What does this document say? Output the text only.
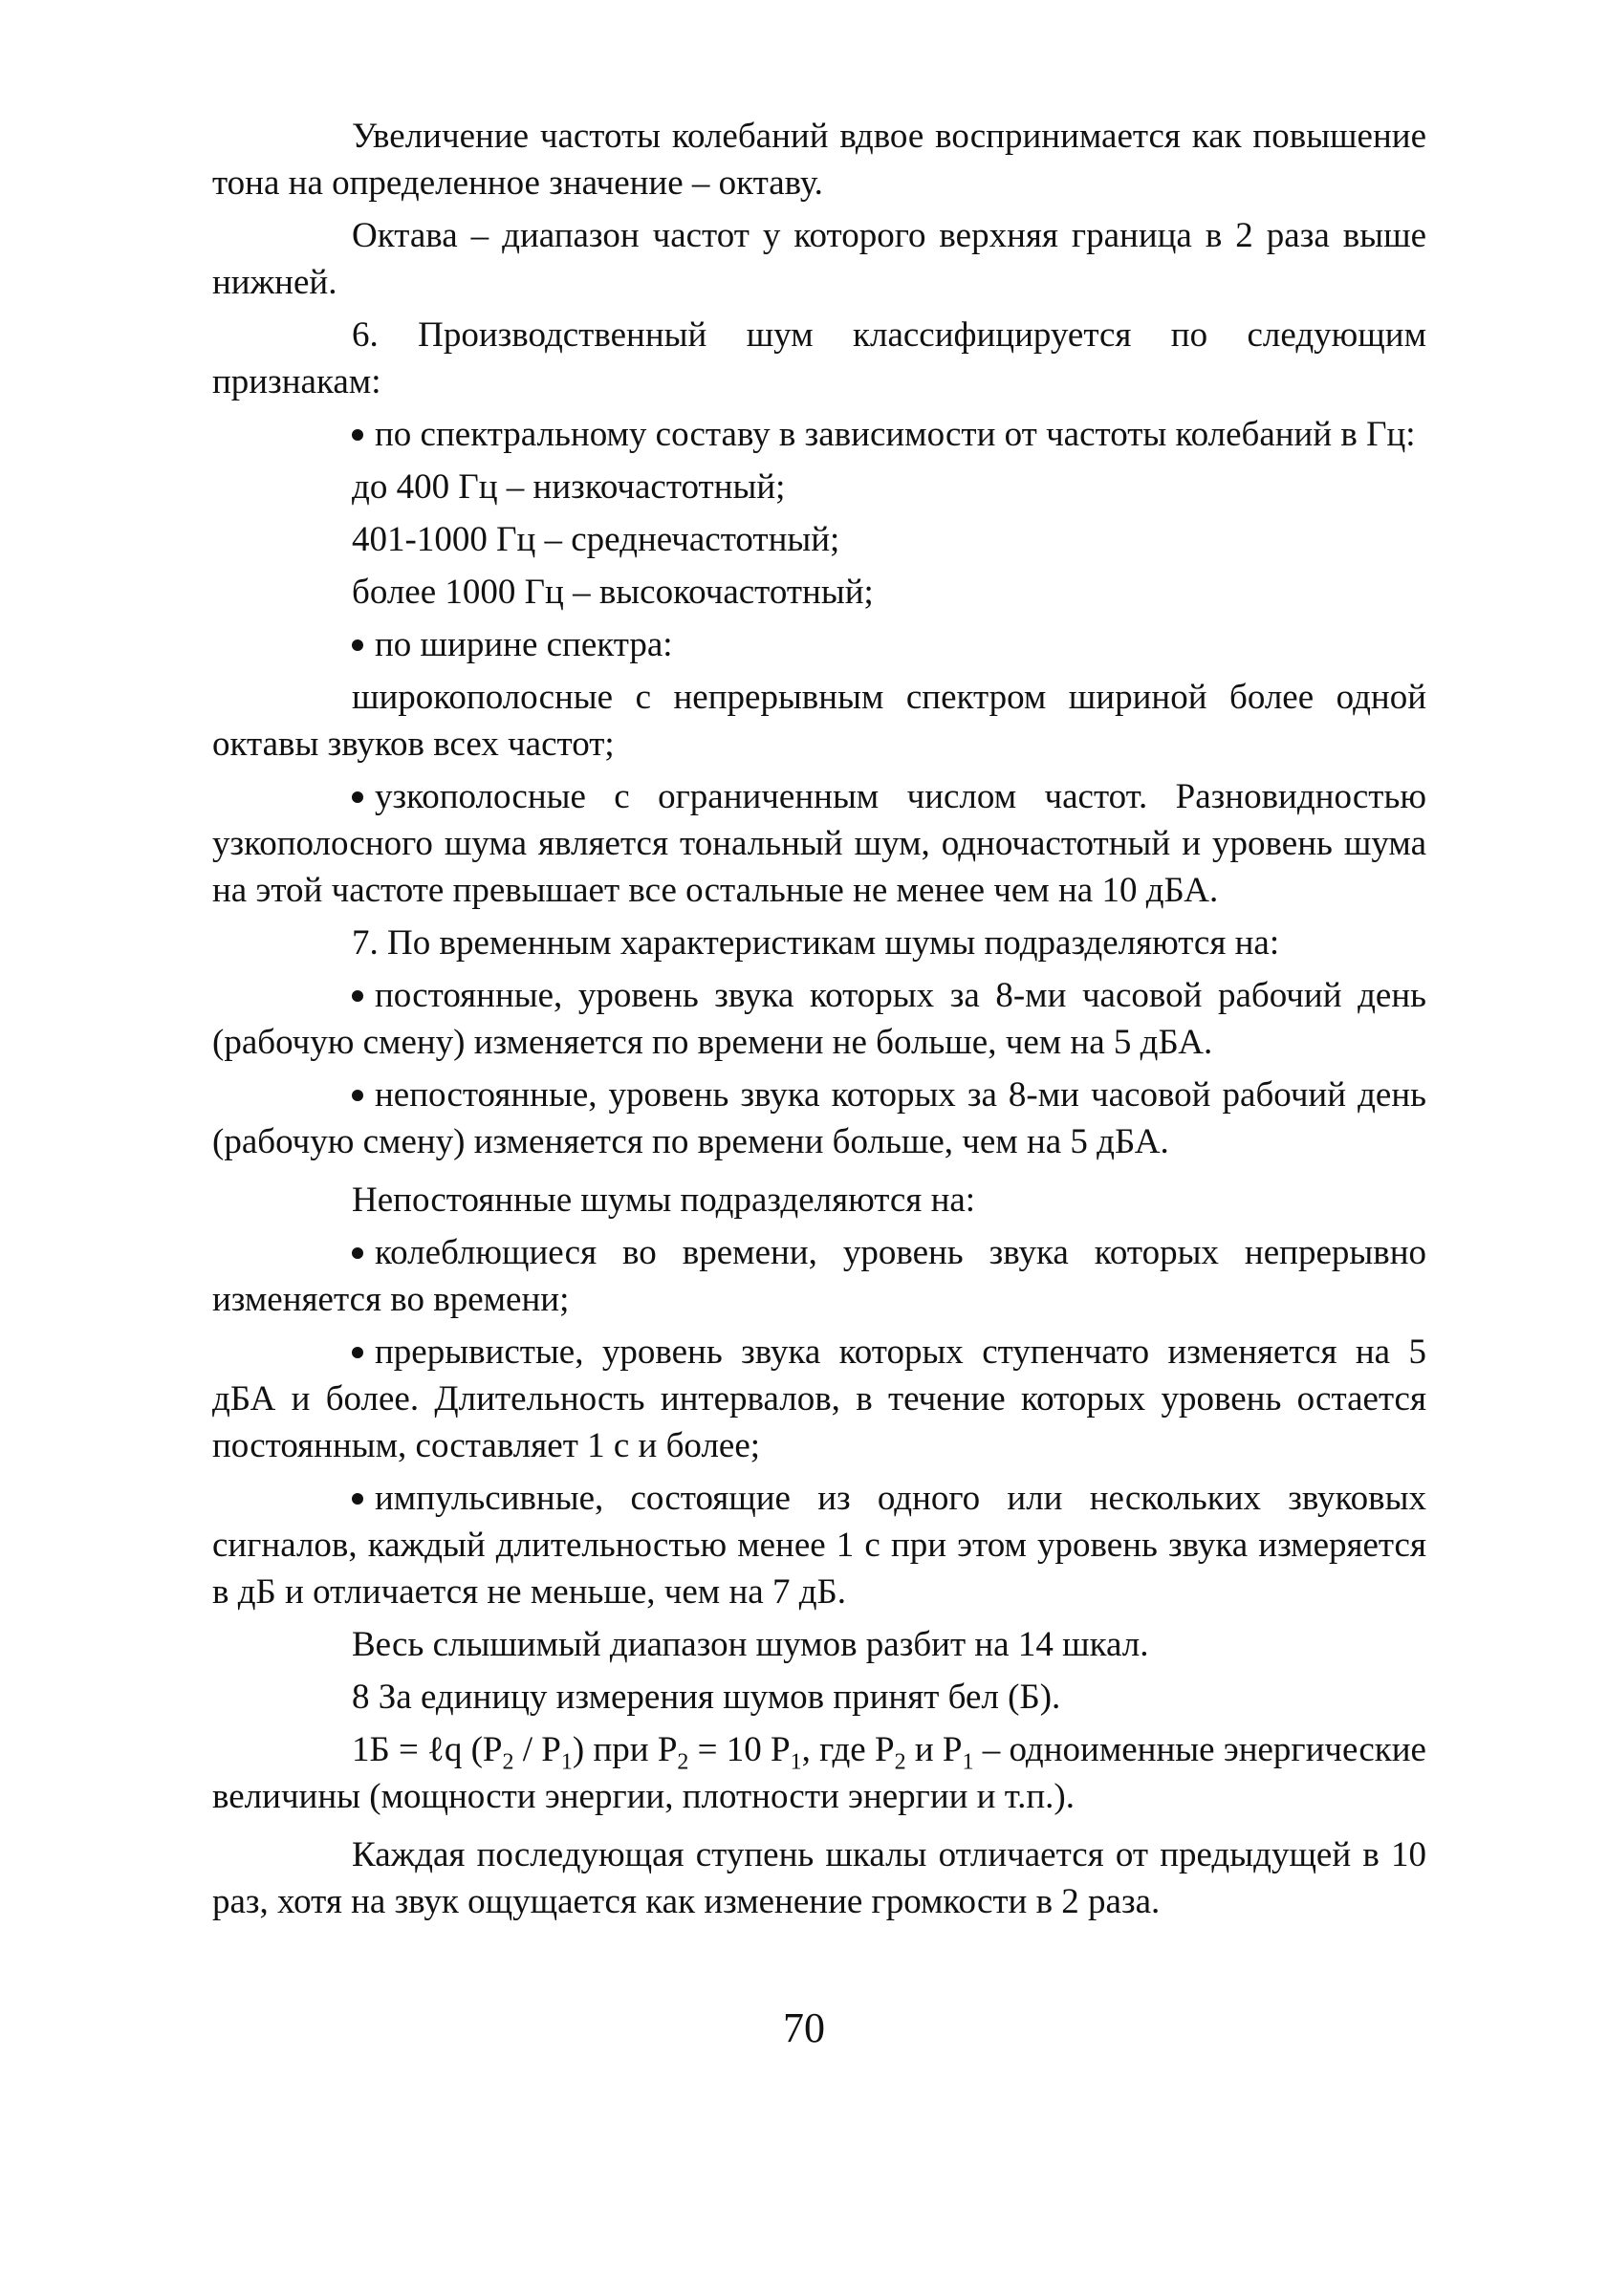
Увеличение частоты колебаний вдвое воспринимается как повышение тона на определенное значение – октаву.

Октава – диапазон частот у которого верхняя граница в 2 раза выше нижней.

6. Производственный шум классифицируется по следующим признакам:

по спектральному составу в зависимости от частоты колебаний в Гц:

до 400 Гц – низкочастотный;

401-1000 Гц – среднечастотный;

более 1000 Гц – высокочастотный;

по ширине спектра:

широкополосные с непрерывным спектром шириной более одной октавы звуков всех частот;

узкополосные с ограниченным числом частот. Разновидностью узкополосного шума является тональный шум, одночастотный и уровень шума на этой частоте превышает все остальные не менее чем на 10 дБА.

7. По временным характеристикам шумы подразделяются на:

постоянные, уровень звука которых за 8-ми часовой рабочий день (рабочую смену) изменяется по времени не больше, чем на 5 дБА.

непостоянные, уровень звука которых за 8-ми часовой рабочий день (рабочую смену) изменяется по времени больше, чем на 5 дБА.

Непостоянные шумы подразделяются на:

колеблющиеся во времени, уровень звука которых непрерывно изменяется во времени;

прерывистые, уровень звука которых ступенчато изменяется на 5 дБА и более. Длительность интервалов, в течение которых уровень остается постоянным, составляет 1 с и более;

импульсивные, состоящие из одного или нескольких звуковых сигналов, каждый длительностью менее 1 с при этом уровень звука измеряется в дБ и отличается не меньше, чем на 7 дБ.

Весь слышимый диапазон шумов разбит на 14 шкал.

8 За единицу измерения шумов принят бел (Б).

1Б = ℓq $(P_2 / P_1)$ при $P_2 = 10$ $P_1$, где $P_2$ и $P_1$ – одноименные энергические величины (мощности энергии, плотности энергии и т.п.).

Каждая последующая ступень шкалы отличается от предыдущей в 10 раз, хотя на звук ощущается как изменение громкости в 2 раза.

70
